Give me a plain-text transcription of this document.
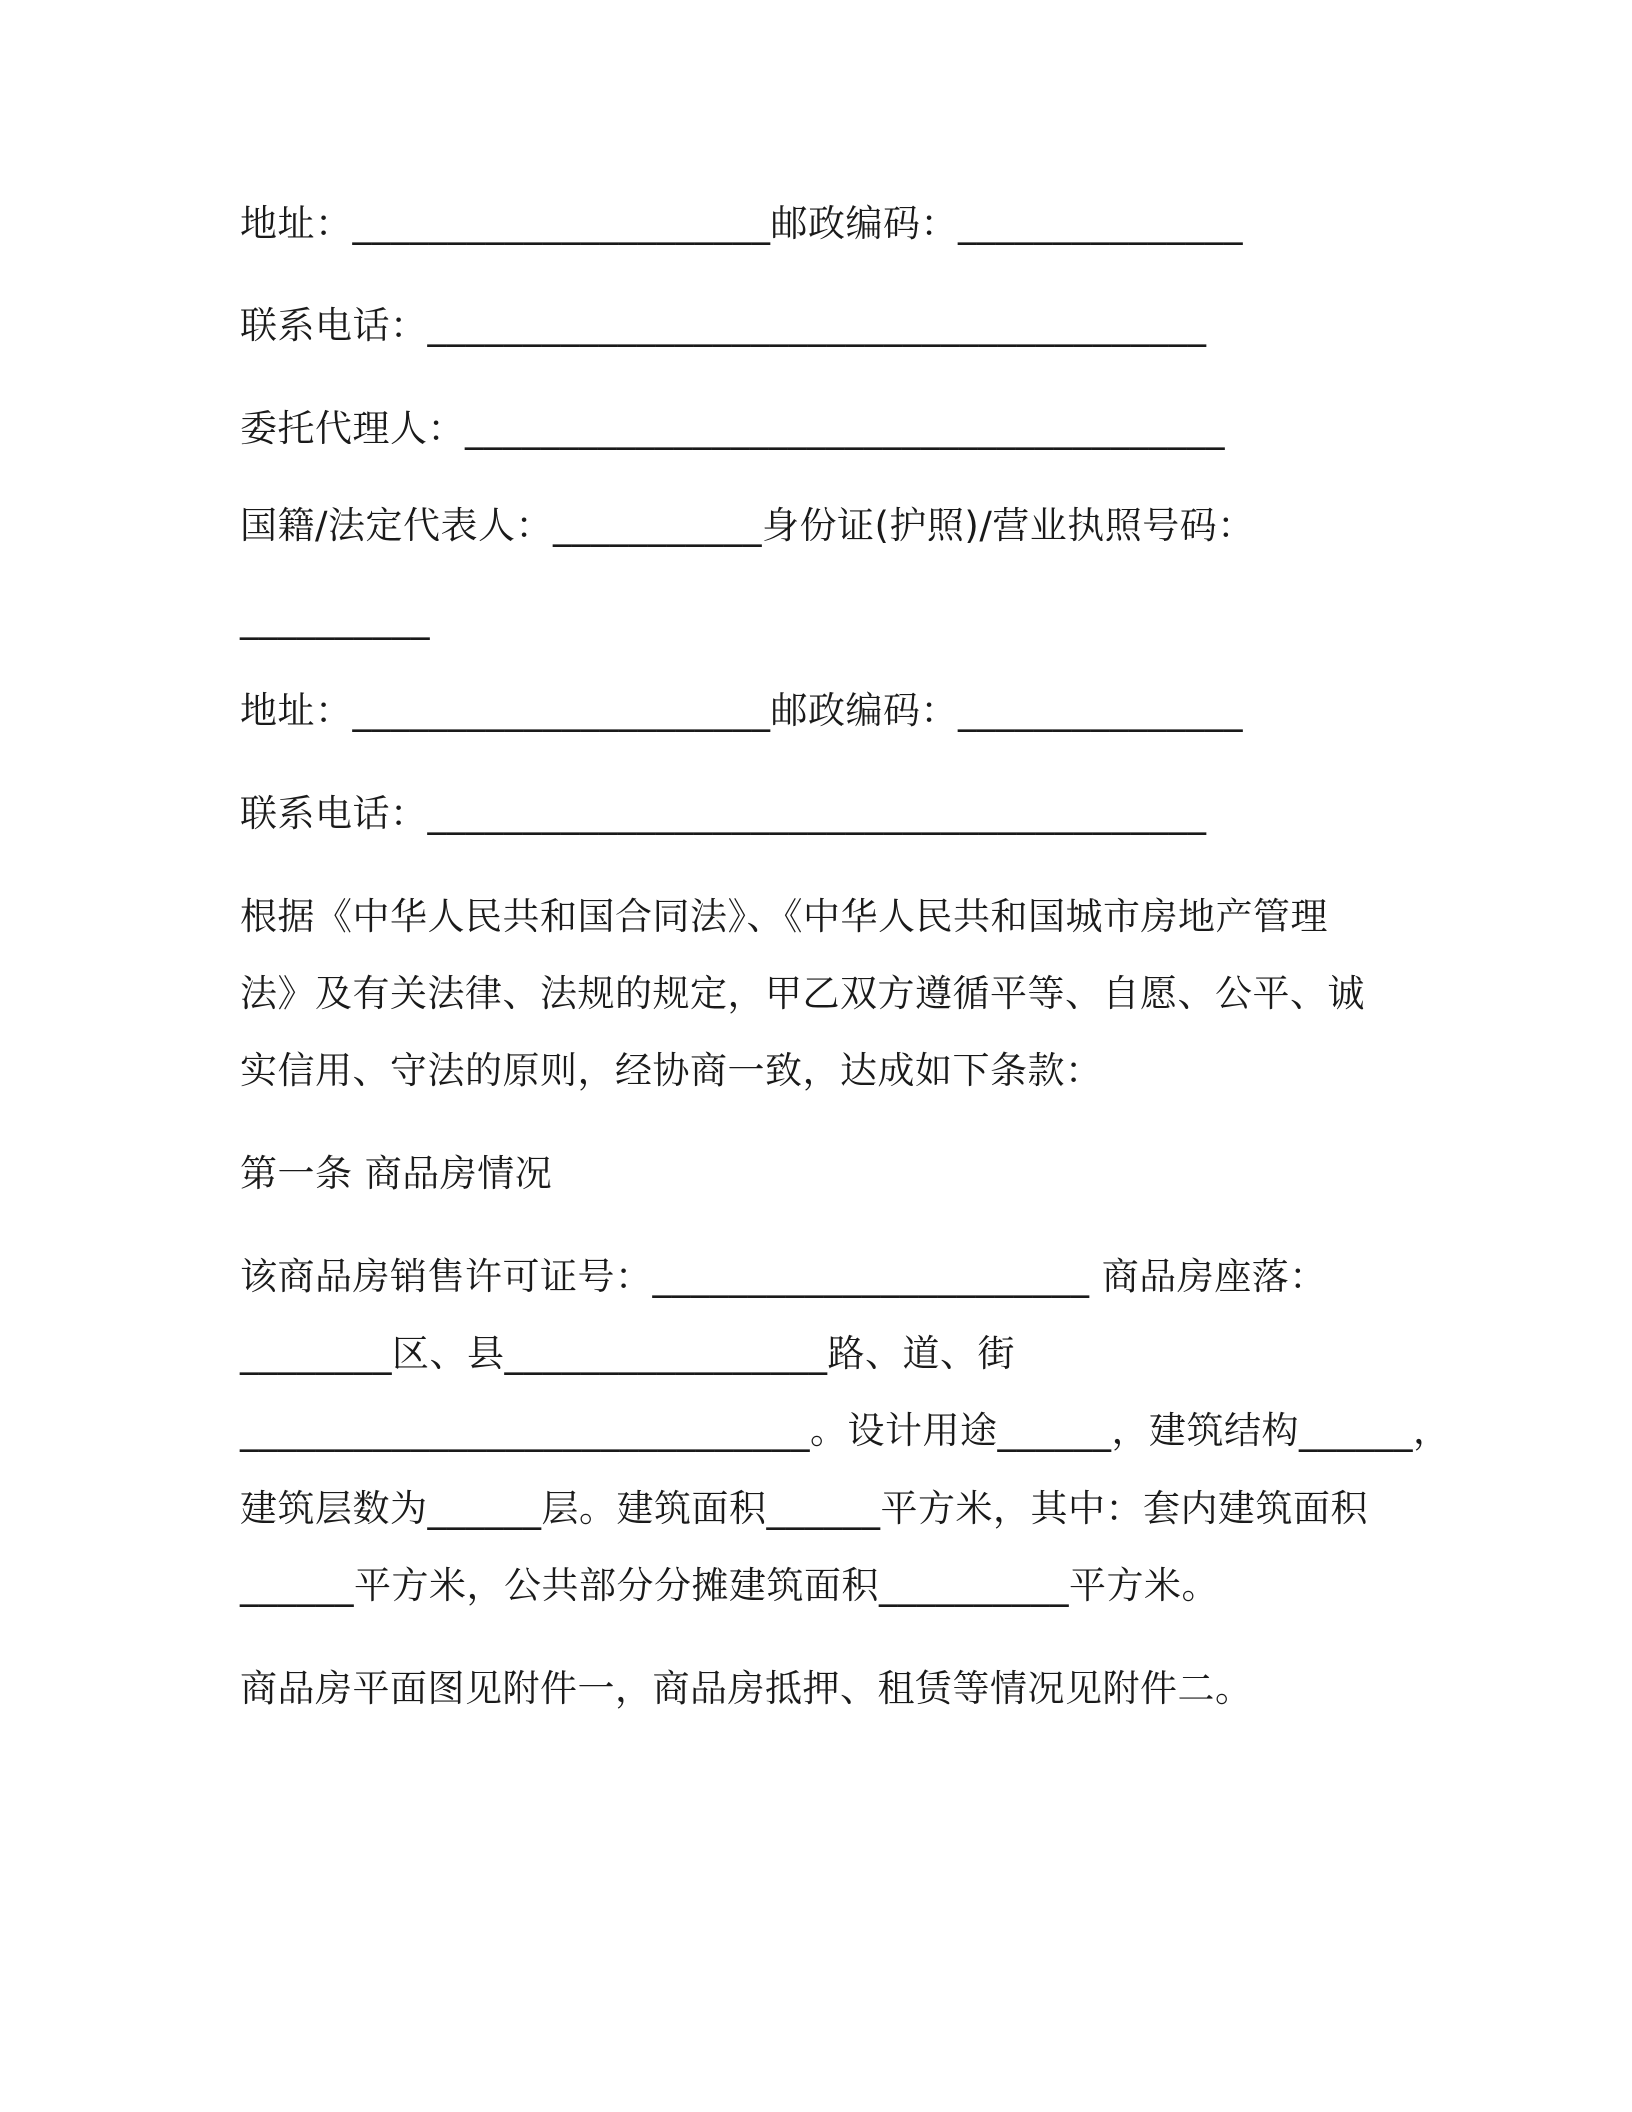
地址：______________________邮政编码：_______________
联系电话：_________________________________________
委托代理人：________________________________________
国籍/法定代表人：___________身份证(护照)/营业执照号码：
__________
地址：______________________邮政编码：_______________
联系电话：_________________________________________
根据《中华人民共和国合同法》、《中华人民共和国城市房地产管理
法》及有关法律、法规的规定，甲乙双方遵循平等、自愿、公平、诚
实信用、守法的原则，经协商一致，达成如下条款：
第一条 商品房情况
该商品房销售许可证号：_______________________ 商品房座落：
________区、县_________________路、道、街
______________________________。设计用途______，建筑结构______，
建筑层数为______层。建筑面积______平方米，其中：套内建筑面积
______平方米，公共部分分摊建筑面积__________平方米。
商品房平面图见附件一，商品房抵押、租赁等情况见附件二。
